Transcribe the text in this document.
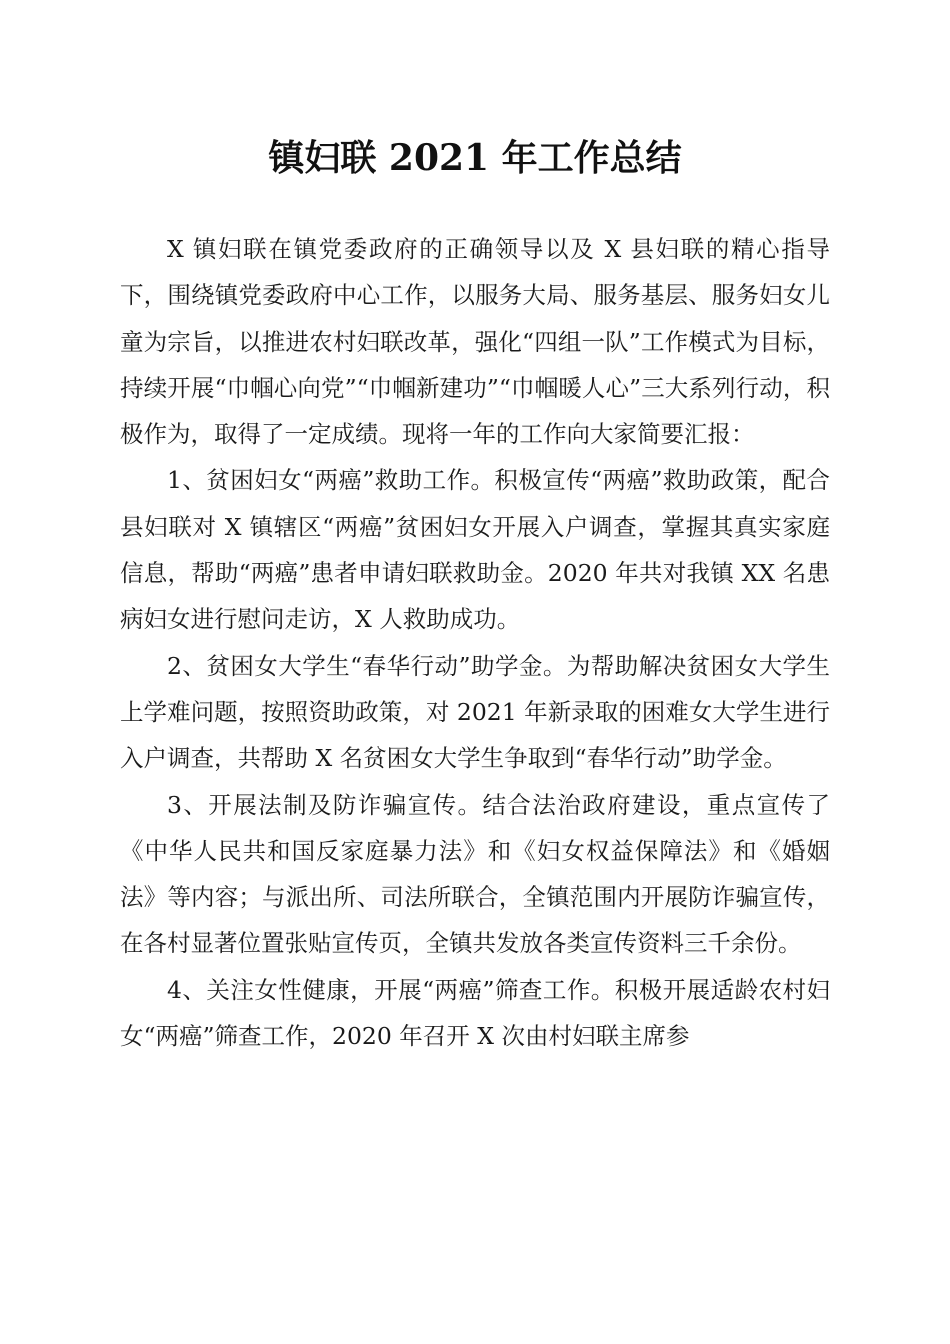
镇妇联 2021 年工作总结

X 镇妇联在镇党委政府的正确领导以及 X 县妇联的精心指导下，围绕镇党委政府中心工作，以服务大局、服务基层、服务妇女儿童为宗旨，以推进农村妇联改革，强化“四组一队”工作模式为目标，持续开展“巾帼心向党”“巾帼新建功”“巾帼暖人心”三大系列行动，积极作为，取得了一定成绩。现将一年的工作向大家简要汇报：

1、贫困妇女“两癌”救助工作。积极宣传“两癌”救助政策，配合县妇联对 X 镇辖区“两癌”贫困妇女开展入户调查，掌握其真实家庭信息，帮助“两癌”患者申请妇联救助金。2020 年共对我镇 XX 名患病妇女进行慰问走访，X 人救助成功。

2、贫困女大学生“春华行动”助学金。为帮助解决贫困女大学生上学难问题，按照资助政策，对 2021 年新录取的困难女大学生进行入户调查，共帮助 X 名贫困女大学生争取到“春华行动”助学金。

3、开展法制及防诈骗宣传。结合法治政府建设，重点宣传了《中华人民共和国反家庭暴力法》和《妇女权益保障法》和《婚姻法》等内容；与派出所、司法所联合，全镇范围内开展防诈骗宣传，在各村显著位置张贴宣传页，全镇共发放各类宣传资料三千余份。

4、关注女性健康，开展“两癌”筛查工作。积极开展适龄农村妇女“两癌”筛查工作，2020 年召开 X 次由村妇联主席参
